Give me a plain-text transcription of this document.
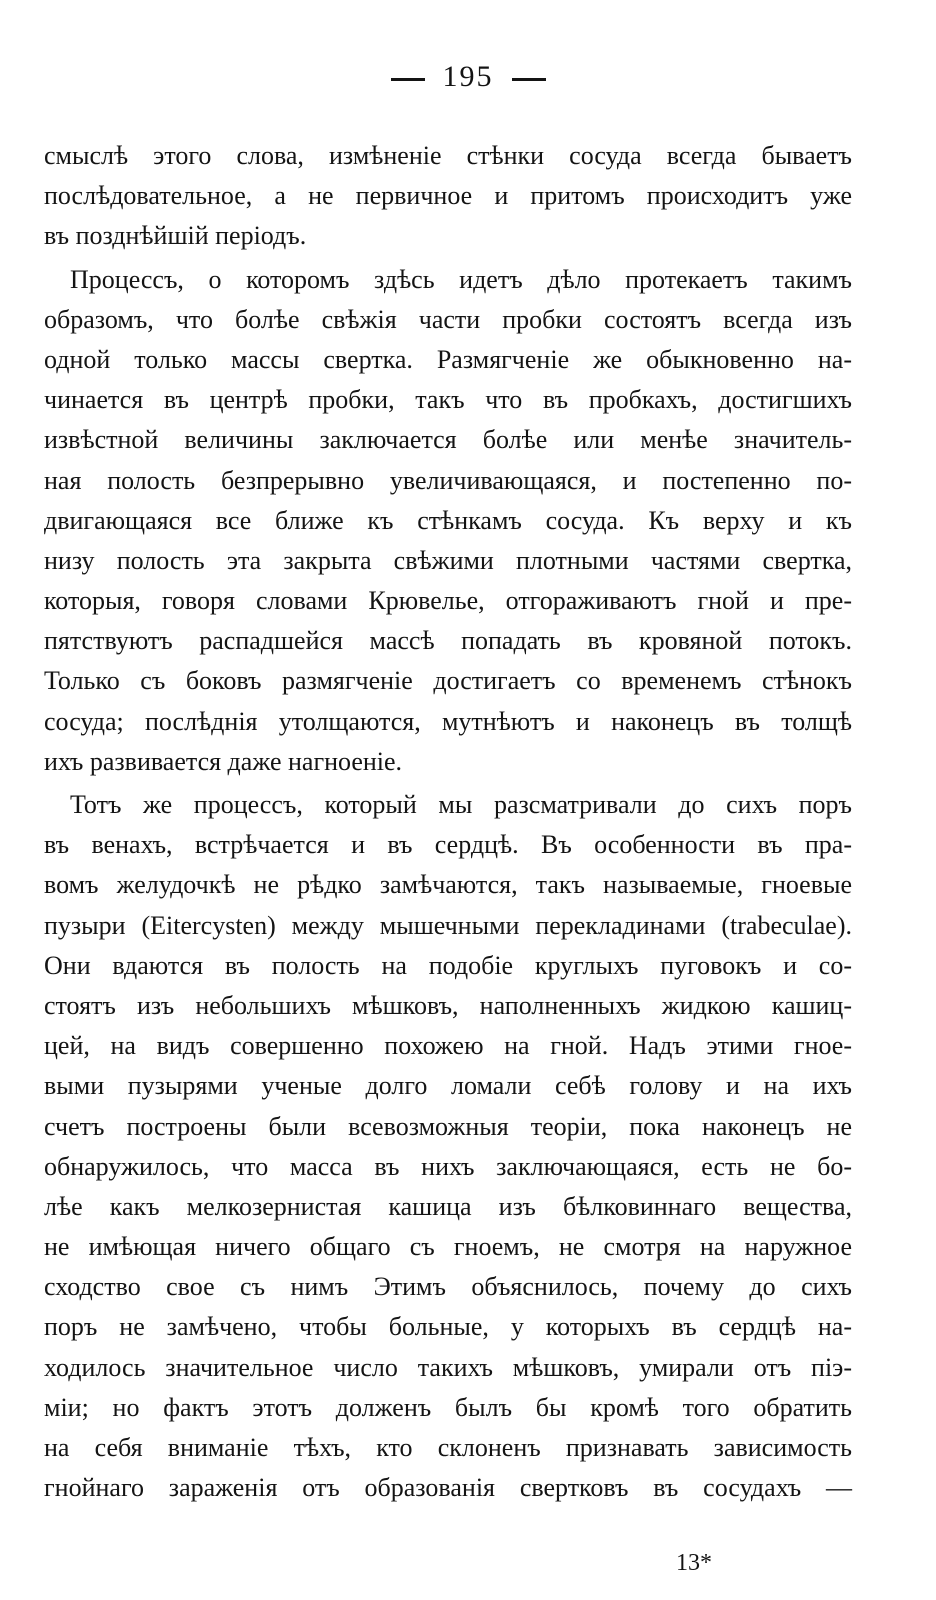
195
смыслѣ этого слова, измѣненіе стѣнки сосуда всегда бываетъ
послѣдовательное, а не первичное и притомъ происходитъ уже
въ позднѣйшій періодъ.
Процессъ, о которомъ здѣсь идетъ дѣло протекаетъ такимъ
образомъ, что болѣе свѣжія части пробки состоятъ всегда изъ
одной только массы свертка. Размягченіе же обыкновенно на-
чинается въ центрѣ пробки, такъ что въ пробкахъ, достигшихъ
извѣстной величины заключается болѣе или менѣе значитель-
ная полость безпрерывно увеличивающаяся, и постепенно по-
двигающаяся все ближе къ стѣнкамъ сосуда. Къ верху и къ
низу полость эта закрыта свѣжими плотными частями свертка,
которыя, говоря словами Крювелье, отгораживаютъ гной и пре-
пятствуютъ распадшейся массѣ попадать въ кровяной потокъ.
Только съ боковъ размягченіе достигаетъ со временемъ стѣнокъ
сосуда; послѣднія утолщаются, мутнѣютъ и наконецъ въ толщѣ
ихъ развивается даже нагноеніе.
Тотъ же процессъ, который мы разсматривали до сихъ поръ
въ венахъ, встрѣчается и въ сердцѣ. Въ особенности въ пра-
вомъ желудочкѣ не рѣдко замѣчаются, такъ называемые, гноевые
пузыри (Eitercysten) между мышечными перекладинами (trabeculae).
Они вдаются въ полость на подобіе круглыхъ пуговокъ и со-
стоятъ изъ небольшихъ мѣшковъ, наполненныхъ жидкою кашиц-
цей, на видъ совершенно похожею на гной. Надъ этими гное-
выми пузырями ученые долго ломали себѣ голову и на ихъ
счетъ построены были всевозможныя теоріи, пока наконецъ не
обнаружилось, что масса въ нихъ заключающаяся, есть не бо-
лѣе какъ мелкозернистая кашица изъ бѣлковиннаго вещества,
не имѣющая ничего общаго съ гноемъ, не смотря на наружное
сходство свое съ нимъ Этимъ объяснилось, почему до сихъ
поръ не замѣчено, чтобы больные, у которыхъ въ сердцѣ на-
ходилось значительное число такихъ мѣшковъ, умирали отъ піэ-
міи; но фактъ этотъ долженъ былъ бы кромѣ того обратить
на себя вниманіе тѣхъ, кто склоненъ признавать зависимость
гнойнаго зараженія отъ образованія свертковъ въ сосудахъ —
13*
